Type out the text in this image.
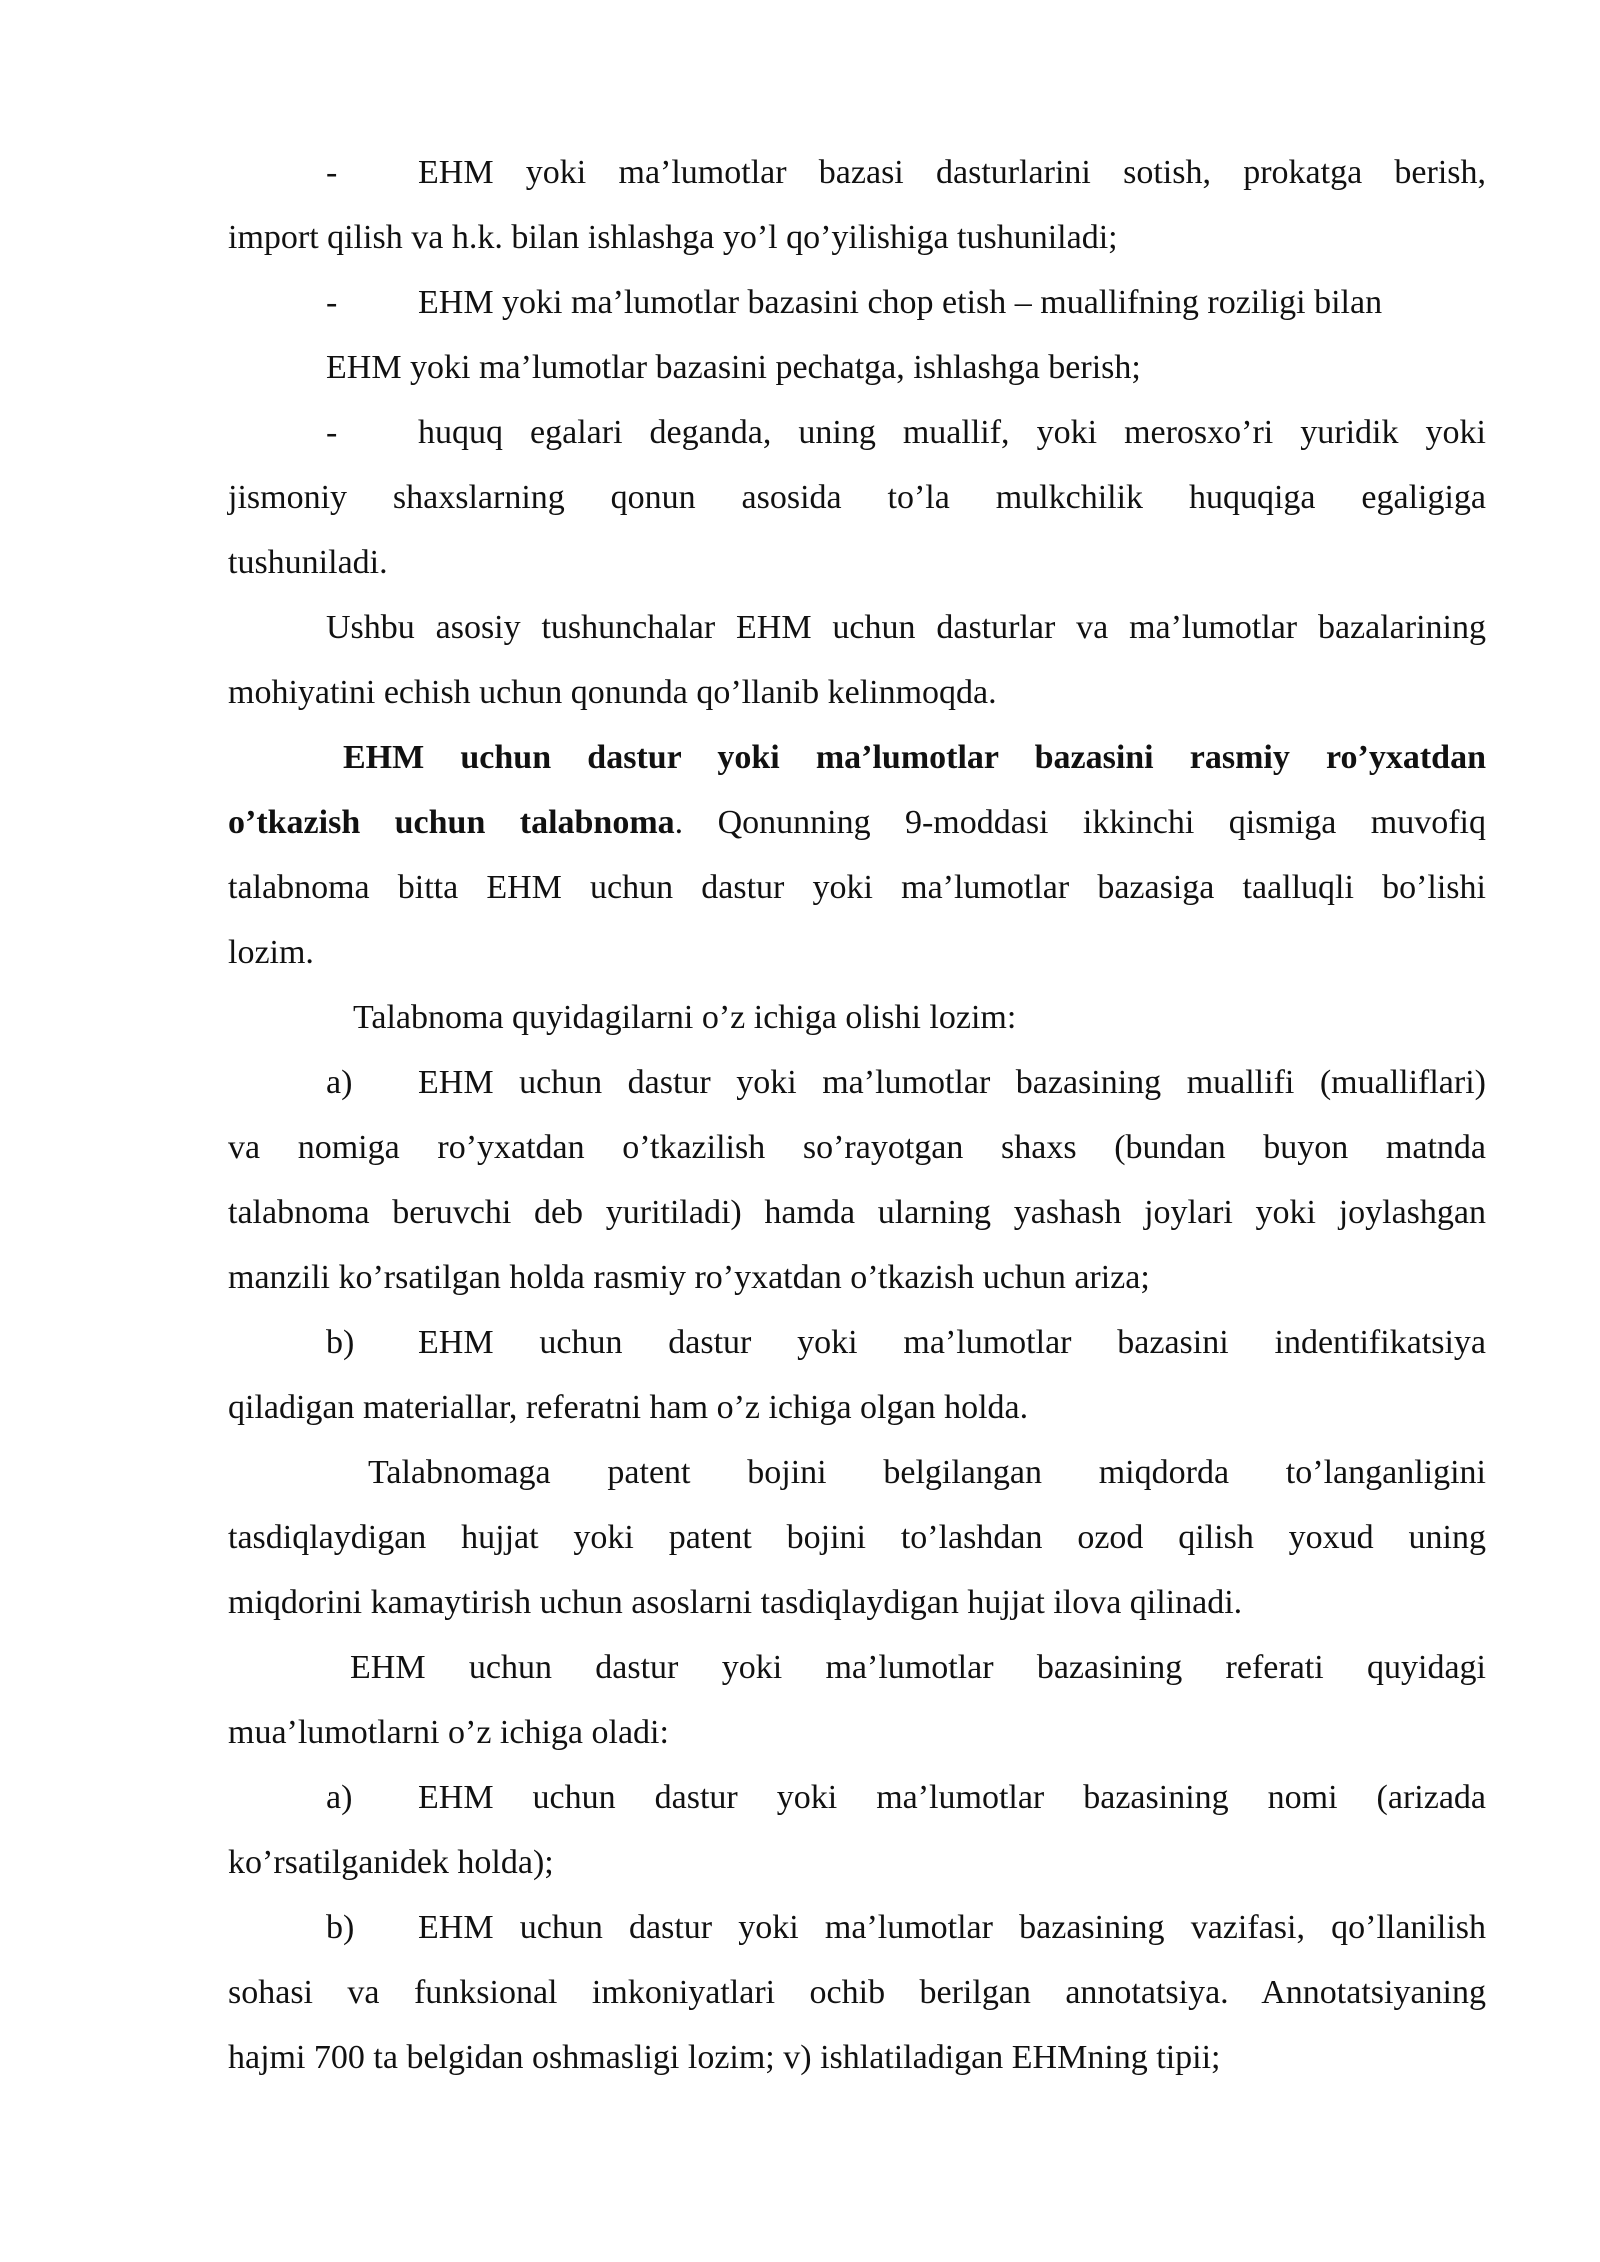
- EHM yoki ma’lumotlar bazasi dasturlarini sotish, prokatga berish,
import qilish va h.k. bilan ishlashga yo’l qo’yilishiga tushuniladi;
- EHM yoki ma’lumotlar bazasini chop etish – muallifning roziligi bilan
EHM yoki ma’lumotlar bazasini pechatga, ishlashga berish;
- huquq egalari deganda, uning muallif, yoki merosxo’ri yuridik yoki
jismoniy shaxslarning qonun asosida to’la mulkchilik huquqiga egaligiga
tushuniladi.
Ushbu asosiy tushunchalar EHM uchun dasturlar va ma’lumotlar bazalarining
mohiyatini echish uchun qonunda qo’llanib kelinmoqda.
EHM uchun dastur yoki ma’lumotlar bazasini rasmiy ro’yxatdan
o’tkazish uchun talabnoma. Qonunning 9-moddasi ikkinchi qismiga muvofiq
talabnoma bitta EHM uchun dastur yoki ma’lumotlar bazasiga taalluqli bo’lishi
lozim.
Talabnoma quyidagilarni o’z ichiga olishi lozim:
a) EHM uchun dastur yoki ma’lumotlar bazasining muallifi (mualliflari)
va nomiga ro’yxatdan o’tkazilish so’rayotgan shaxs (bundan buyon matnda
talabnoma beruvchi deb yuritiladi) hamda ularning yashash joylari yoki joylashgan
manzili ko’rsatilgan holda rasmiy ro’yxatdan o’tkazish uchun ariza;
b) EHM uchun dastur yoki ma’lumotlar bazasini indentifikatsiya
qiladigan materiallar, referatni ham o’z ichiga olgan holda.
Talabnomaga patent bojini belgilangan miqdorda to’langanligini
tasdiqlaydigan hujjat yoki patent bojini to’lashdan ozod qilish yoxud uning
miqdorini kamaytirish uchun asoslarni tasdiqlaydigan hujjat ilova qilinadi.
EHM uchun dastur yoki ma’lumotlar bazasining referati quyidagi
mua’lumotlarni o’z ichiga oladi:
a) EHM uchun dastur yoki ma’lumotlar bazasining nomi (arizada
ko’rsatilganidek holda);
b) EHM uchun dastur yoki ma’lumotlar bazasining vazifasi, qo’llanilish
sohasi va funksional imkoniyatlari ochib berilgan annotatsiya. Annotatsiyaning
hajmi 700 ta belgidan oshmasligi lozim; v) ishlatiladigan EHMning tipii;
